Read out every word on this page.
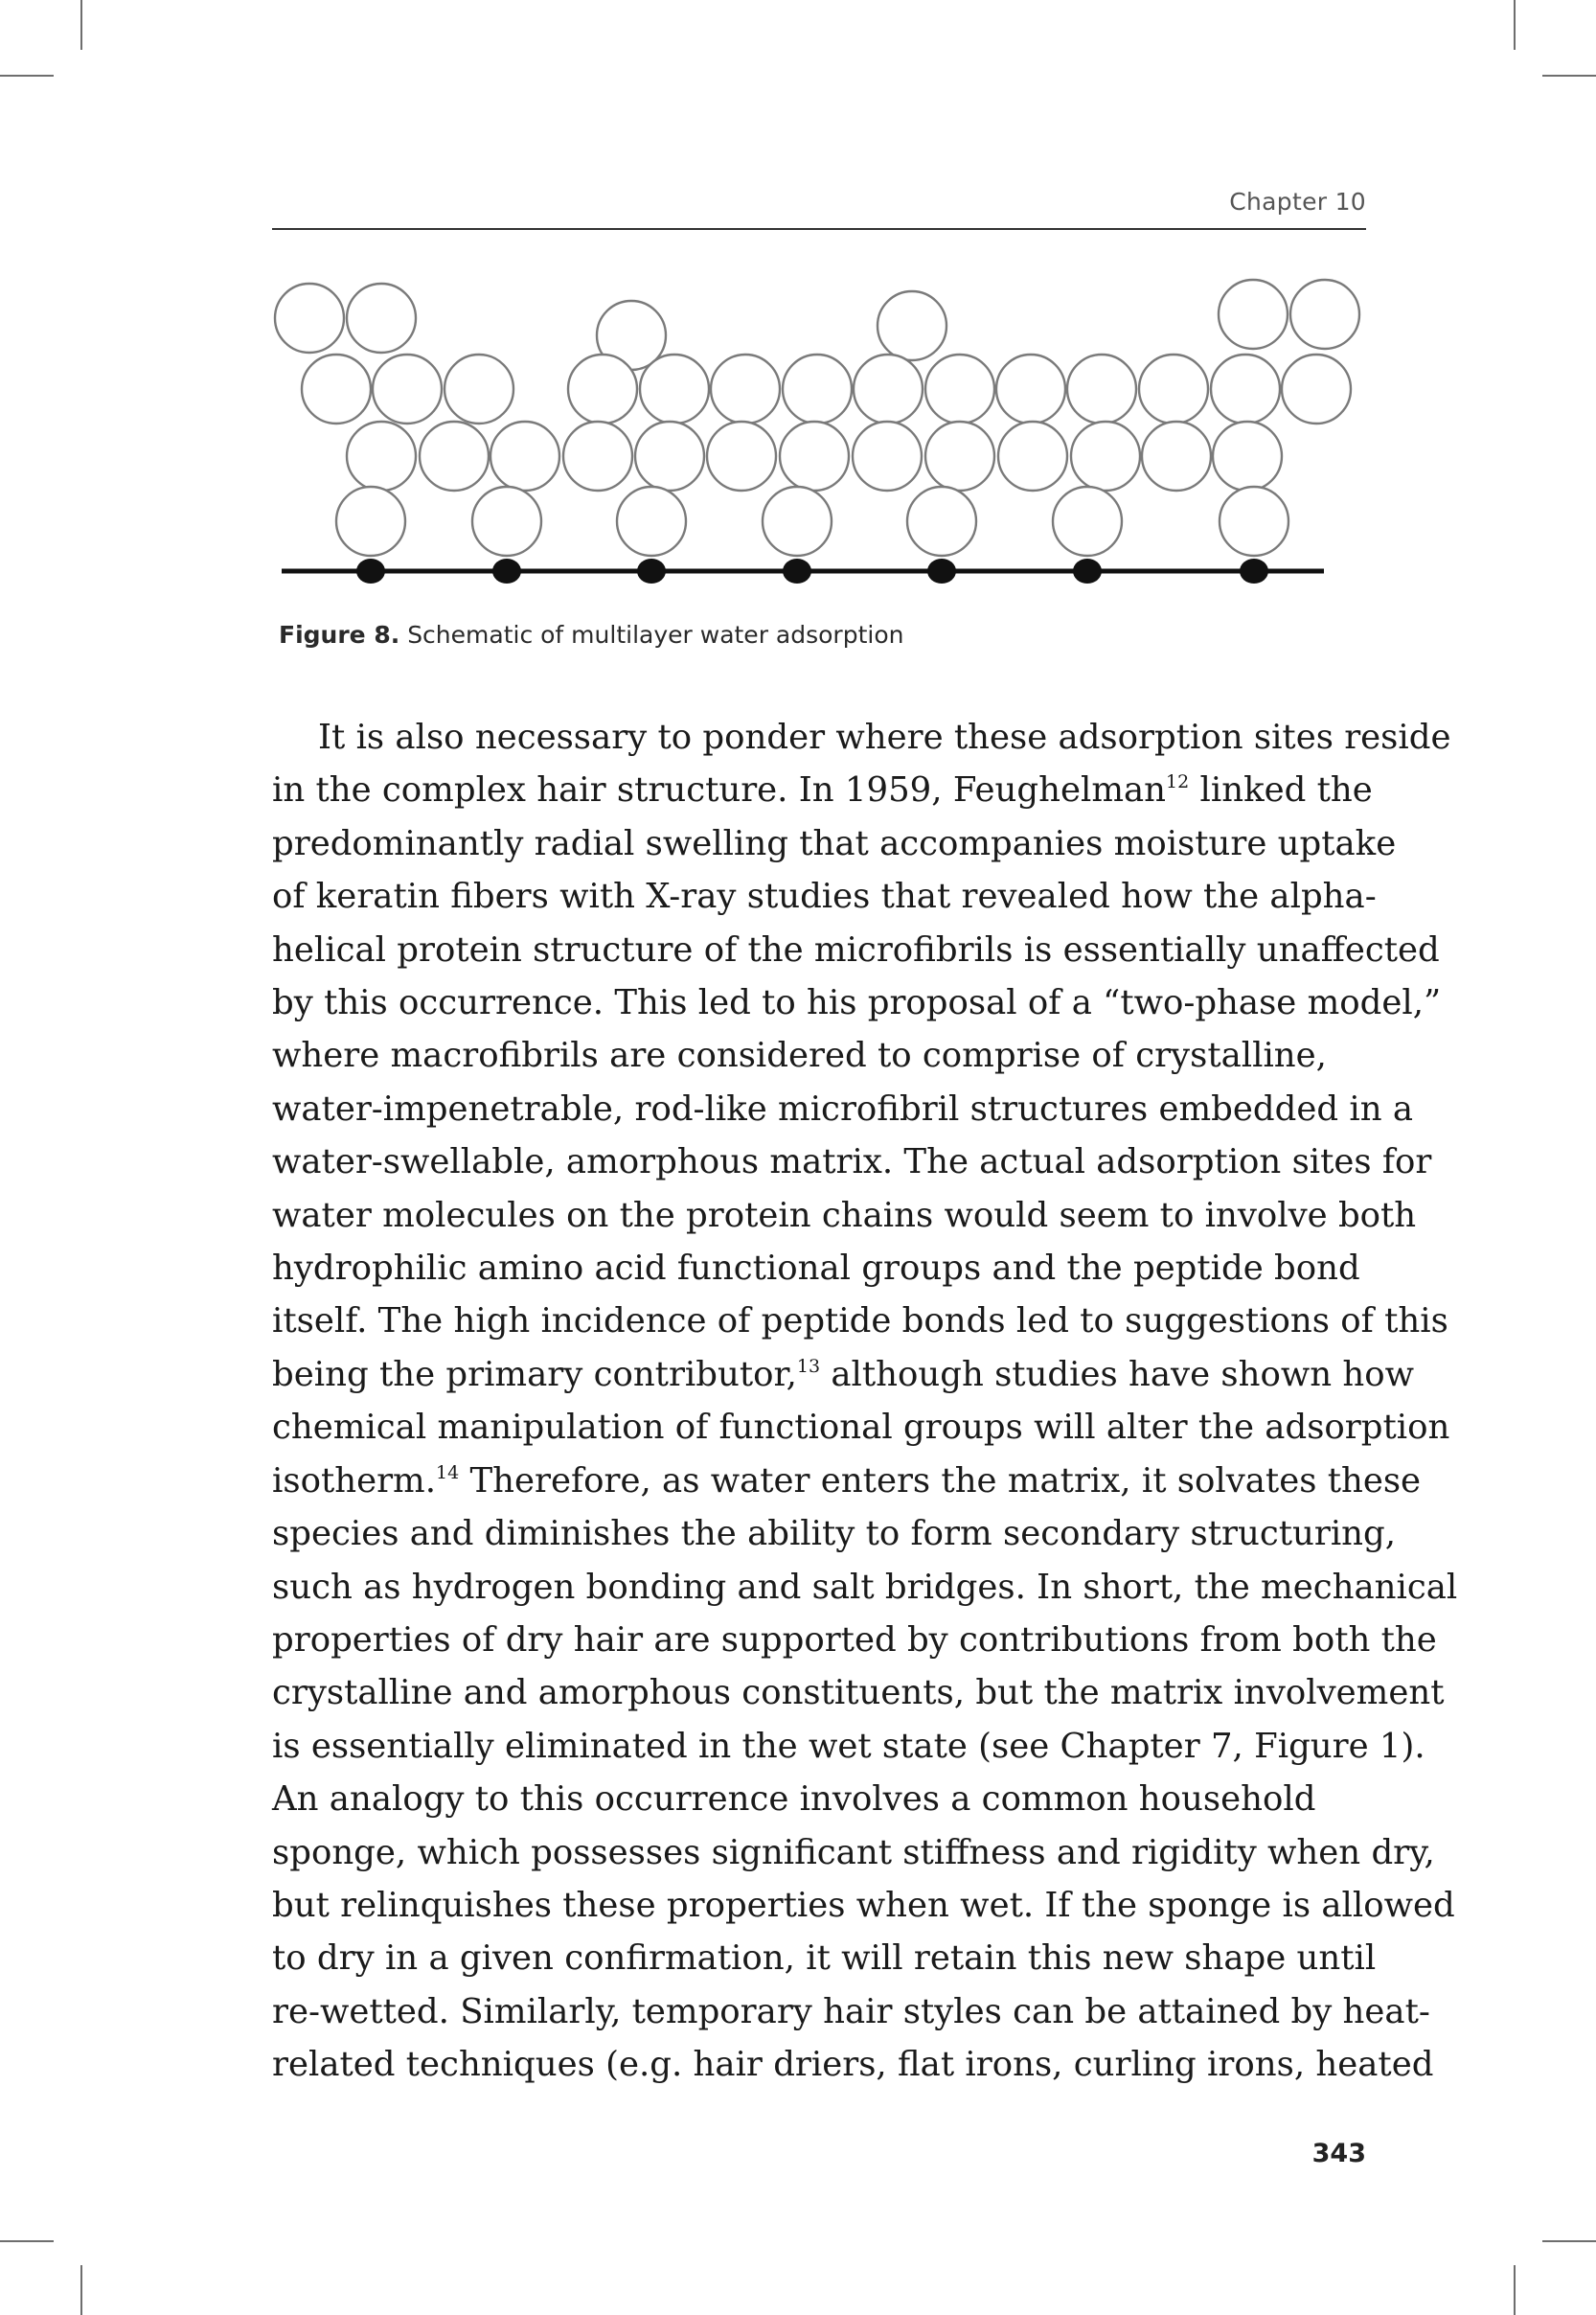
Chapter 10
Figure 8. Schematic of multilayer water adsorption
It is also necessary to ponder where these adsorption sites reside
in the complex hair structure. In 1959, Feughelman$^{12}$ linked the
predominantly radial swelling that accompanies moisture uptake
of keratin fibers with X-ray studies that revealed how the alpha-
helical protein structure of the microfibrils is essentially unaffected
by this occurrence. This led to his proposal of a “two-phase model,”
where macrofibrils are considered to comprise of crystalline,
water-impenetrable, rod-like microfibril structures embedded in a
water-swellable, amorphous matrix. The actual adsorption sites for
water molecules on the protein chains would seem to involve both
hydrophilic amino acid functional groups and the peptide bond
itself. The high incidence of peptide bonds led to suggestions of this
being the primary contributor,$^{13}$ although studies have shown how
chemical manipulation of functional groups will alter the adsorption
isotherm.$^{14}$ Therefore, as water enters the matrix, it solvates these
species and diminishes the ability to form secondary structuring,
such as hydrogen bonding and salt bridges. In short, the mechanical
properties of dry hair are supported by contributions from both the
crystalline and amorphous constituents, but the matrix involvement
is essentially eliminated in the wet state (see Chapter 7, Figure 1).
An analogy to this occurrence involves a common household
sponge, which possesses significant stiffness and rigidity when dry,
but relinquishes these properties when wet. If the sponge is allowed
to dry in a given confirmation, it will retain this new shape until
re-wetted. Similarly, temporary hair styles can be attained by heat-
related techniques (e.g. hair driers, flat irons, curling irons, heated
343
